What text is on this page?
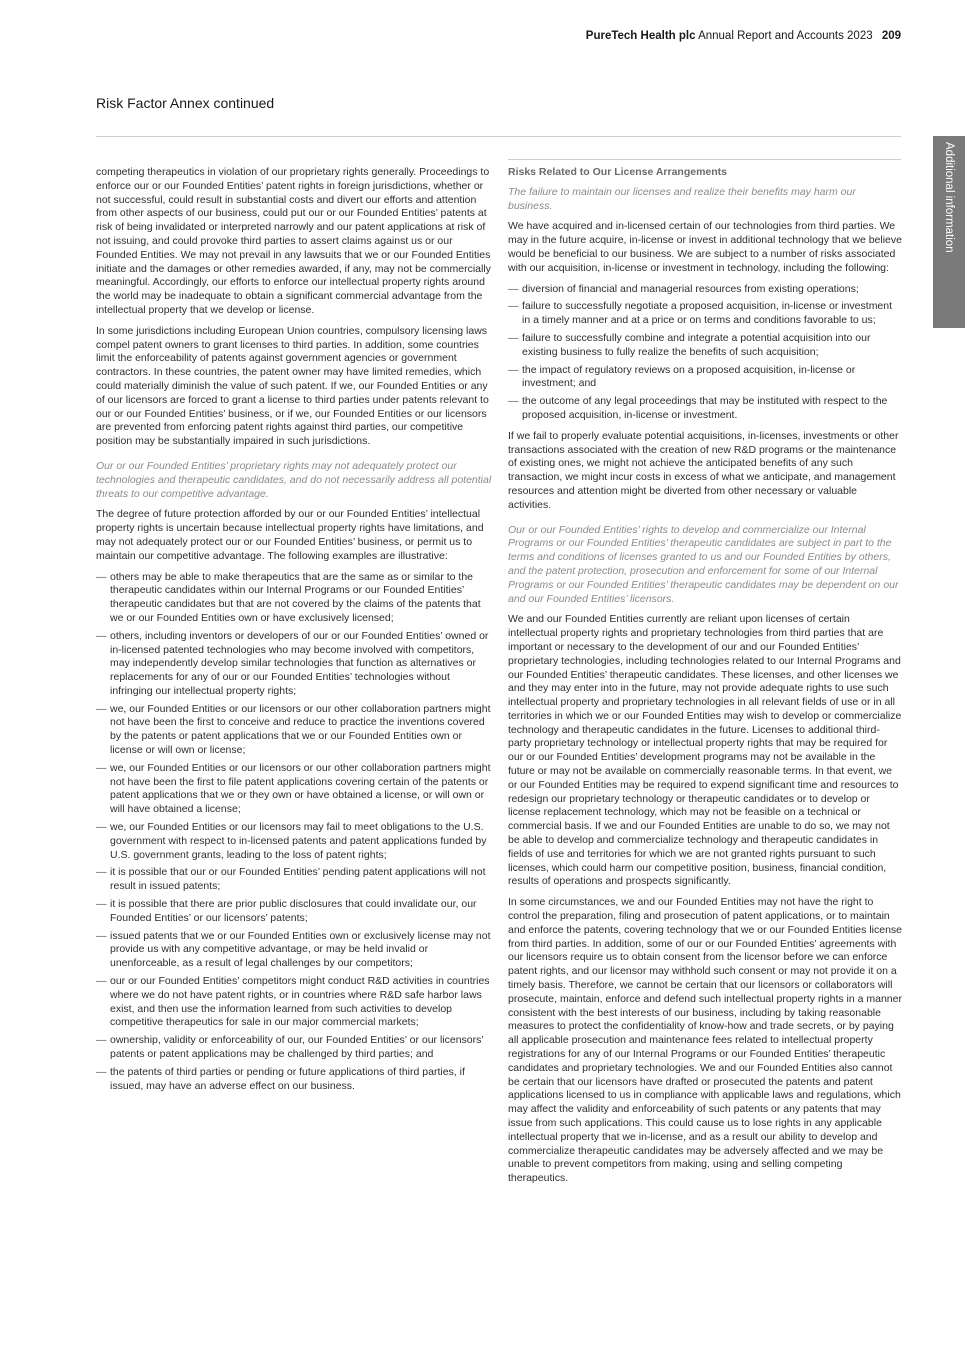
PureTech Health plc Annual Report and Accounts 2023 209
Risk Factor Annex continued
Additional information

competing therapeutics in violation of our proprietary rights generally. Proceedings to enforce our or our Founded Entities’ patent rights in foreign jurisdictions, whether or not successful, could result in substantial costs and divert our efforts and attention from other aspects of our business, could put our or our Founded Entities’ patents at risk of being invalidated or interpreted narrowly and our patent applications at risk of not issuing, and could provoke third parties to assert claims against us or our Founded Entities. We may not prevail in any lawsuits that we or our Founded Entities initiate and the damages or other remedies awarded, if any, may not be commercially meaningful. Accordingly, our efforts to enforce our intellectual property rights around the world may be inadequate to obtain a significant commercial advantage from the intellectual property that we develop or license.

In some jurisdictions including European Union countries, compulsory licensing laws compel patent owners to grant licenses to third parties. In addition, some countries limit the enforceability of patents against government agencies or government contractors. In these countries, the patent owner may have limited remedies, which could materially diminish the value of such patent. If we, our Founded Entities or any of our licensors are forced to grant a license to third parties under patents relevant to our or our Founded Entities’ business, or if we, our Founded Entities or our licensors are prevented from enforcing patent rights against third parties, our competitive position may be substantially impaired in such jurisdictions.

Our or our Founded Entities’ proprietary rights may not adequately protect our technologies and therapeutic candidates, and do not necessarily address all potential threats to our competitive advantage.

The degree of future protection afforded by our or our Founded Entities’ intellectual property rights is uncertain because intellectual property rights have limitations, and may not adequately protect our or our Founded Entities’ business, or permit us to maintain our competitive advantage. The following examples are illustrative:

— others may be able to make therapeutics that are the same as or similar to the therapeutic candidates within our Internal Programs or our Founded Entities’ therapeutic candidates but that are not covered by the claims of the patents that we or our Founded Entities own or have exclusively licensed;
— others, including inventors or developers of our or our Founded Entities’ owned or in-licensed patented technologies who may become involved with competitors, may independently develop similar technologies that function as alternatives or replacements for any of our or our Founded Entities’ technologies without infringing our intellectual property rights;
— we, our Founded Entities or our licensors or our other collaboration partners might not have been the first to conceive and reduce to practice the inventions covered by the patents or patent applications that we or our Founded Entities own or license or will own or license;
— we, our Founded Entities or our licensors or our other collaboration partners might not have been the first to file patent applications covering certain of the patents or patent applications that we or they own or have obtained a license, or will own or will have obtained a license;
— we, our Founded Entities or our licensors may fail to meet obligations to the U.S. government with respect to in-licensed patents and patent applications funded by U.S. government grants, leading to the loss of patent rights;
— it is possible that our or our Founded Entities’ pending patent applications will not result in issued patents;
— it is possible that there are prior public disclosures that could invalidate our, our Founded Entities’ or our licensors’ patents;
— issued patents that we or our Founded Entities own or exclusively license may not provide us with any competitive advantage, or may be held invalid or unenforceable, as a result of legal challenges by our competitors;
— our or our Founded Entities’ competitors might conduct R&D activities in countries where we do not have patent rights, or in countries where R&D safe harbor laws exist, and then use the information learned from such activities to develop competitive therapeutics for sale in our major commercial markets;
— ownership, validity or enforceability of our, our Founded Entities’ or our licensors’ patents or patent applications may be challenged by third parties; and
— the patents of third parties or pending or future applications of third parties, if issued, may have an adverse effect on our business.
Risks Related to Our License Arrangements

The failure to maintain our licenses and realize their benefits may harm our business.

We have acquired and in-licensed certain of our technologies from third parties. We may in the future acquire, in-license or invest in additional technology that we believe would be beneficial to our business. We are subject to a number of risks associated with our acquisition, in-license or investment in technology, including the following:

— diversion of financial and managerial resources from existing operations;
— failure to successfully negotiate a proposed acquisition, in-license or investment in a timely manner and at a price or on terms and conditions favorable to us;
— failure to successfully combine and integrate a potential acquisition into our existing business to fully realize the benefits of such acquisition;
— the impact of regulatory reviews on a proposed acquisition, in-license or investment; and
— the outcome of any legal proceedings that may be instituted with respect to the proposed acquisition, in-license or investment.

If we fail to properly evaluate potential acquisitions, in-licenses, investments or other transactions associated with the creation of new R&D programs or the maintenance of existing ones, we might not achieve the anticipated benefits of any such transaction, we might incur costs in excess of what we anticipate, and management resources and attention might be diverted from other necessary or valuable activities.

Our or our Founded Entities’ rights to develop and commercialize our Internal Programs or our Founded Entities’ therapeutic candidates are subject in part to the terms and conditions of licenses granted to us and our Founded Entities by others, and the patent protection, prosecution and enforcement for some of our Internal Programs or our Founded Entities’ therapeutic candidates may be dependent on our and our Founded Entities’ licensors.

We and our Founded Entities currently are reliant upon licenses of certain intellectual property rights and proprietary technologies from third parties that are important or necessary to the development of our and our Founded Entities’ proprietary technologies, including technologies related to our Internal Programs and our Founded Entities’ therapeutic candidates. These licenses, and other licenses we and they may enter into in the future, may not provide adequate rights to use such intellectual property and proprietary technologies in all relevant fields of use or in all territories in which we or our Founded Entities may wish to develop or commercialize technology and therapeutic candidates in the future. Licenses to additional third-party proprietary technology or intellectual property rights that may be required for our or our Founded Entities’ development programs may not be available in the future or may not be available on commercially reasonable terms. In that event, we or our Founded Entities may be required to expend significant time and resources to redesign our proprietary technology or therapeutic candidates or to develop or license replacement technology, which may not be feasible on a technical or commercial basis. If we and our Founded Entities are unable to do so, we may not be able to develop and commercialize technology and therapeutic candidates in fields of use and territories for which we are not granted rights pursuant to such licenses, which could harm our competitive position, business, financial condition, results of operations and prospects significantly.

In some circumstances, we and our Founded Entities may not have the right to control the preparation, filing and prosecution of patent applications, or to maintain and enforce the patents, covering technology that we or our Founded Entities license from third parties. In addition, some of our or our Founded Entities’ agreements with our licensors require us to obtain consent from the licensor before we can enforce patent rights, and our licensor may withhold such consent or may not provide it on a timely basis. Therefore, we cannot be certain that our licensors or collaborators will prosecute, maintain, enforce and defend such intellectual property rights in a manner consistent with the best interests of our business, including by taking reasonable measures to protect the confidentiality of know-how and trade secrets, or by paying all applicable prosecution and maintenance fees related to intellectual property registrations for any of our Internal Programs or our Founded Entities’ therapeutic candidates and proprietary technologies. We and our Founded Entities also cannot be certain that our licensors have drafted or prosecuted the patents and patent applications licensed to us in compliance with applicable laws and regulations, which may affect the validity and enforceability of such patents or any patents that may issue from such applications. This could cause us to lose rights in any applicable intellectual property that we in-license, and as a result our ability to develop and commercialize therapeutic candidates may be adversely affected and we may be unable to prevent competitors from making, using and selling competing therapeutics.
